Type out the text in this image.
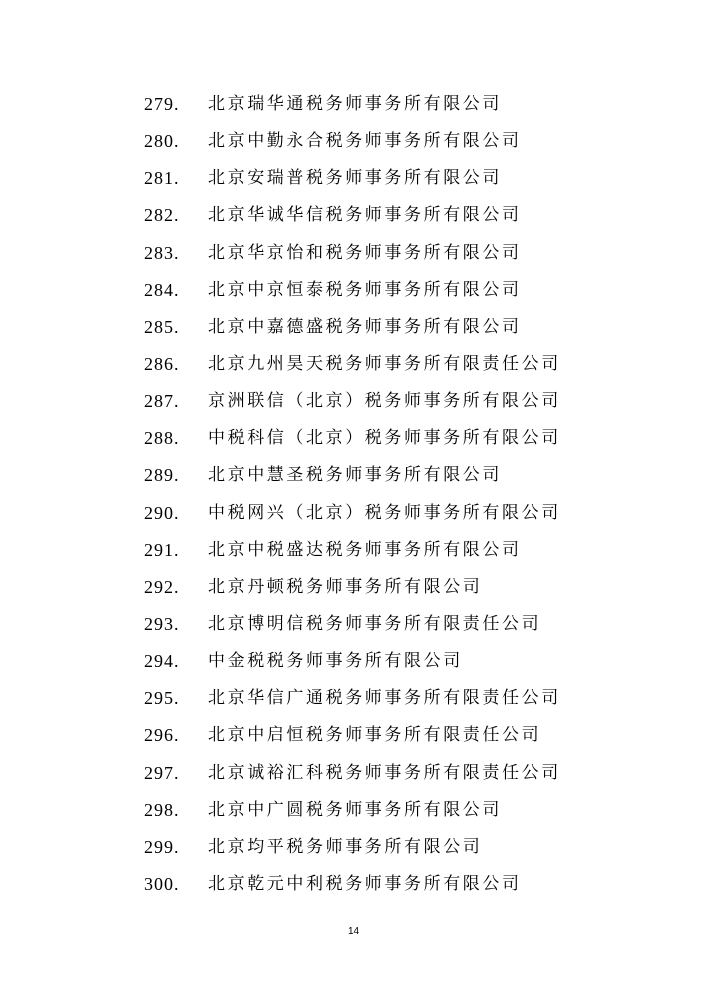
279.	北京瑞华通税务师事务所有限公司
280.	北京中勤永合税务师事务所有限公司
281.	北京安瑞普税务师事务所有限公司
282.	北京华诚华信税务师事务所有限公司
283.	北京华京怡和税务师事务所有限公司
284.	北京中京恒泰税务师事务所有限公司
285.	北京中嘉德盛税务师事务所有限公司
286.	北京九州昊天税务师事务所有限责任公司
287.	京洲联信（北京）税务师事务所有限公司
288.	中税科信（北京）税务师事务所有限公司
289.	北京中慧圣税务师事务所有限公司
290.	中税网兴（北京）税务师事务所有限公司
291.	北京中税盛达税务师事务所有限公司
292.	北京丹顿税务师事务所有限公司
293.	北京博明信税务师事务所有限责任公司
294.	中金税税务师事务所有限公司
295.	北京华信广通税务师事务所有限责任公司
296.	北京中启恒税务师事务所有限责任公司
297.	北京诚裕汇科税务师事务所有限责任公司
298.	北京中广圆税务师事务所有限公司
299.	北京均平税务师事务所有限公司
300.	北京乾元中利税务师事务所有限公司
14
